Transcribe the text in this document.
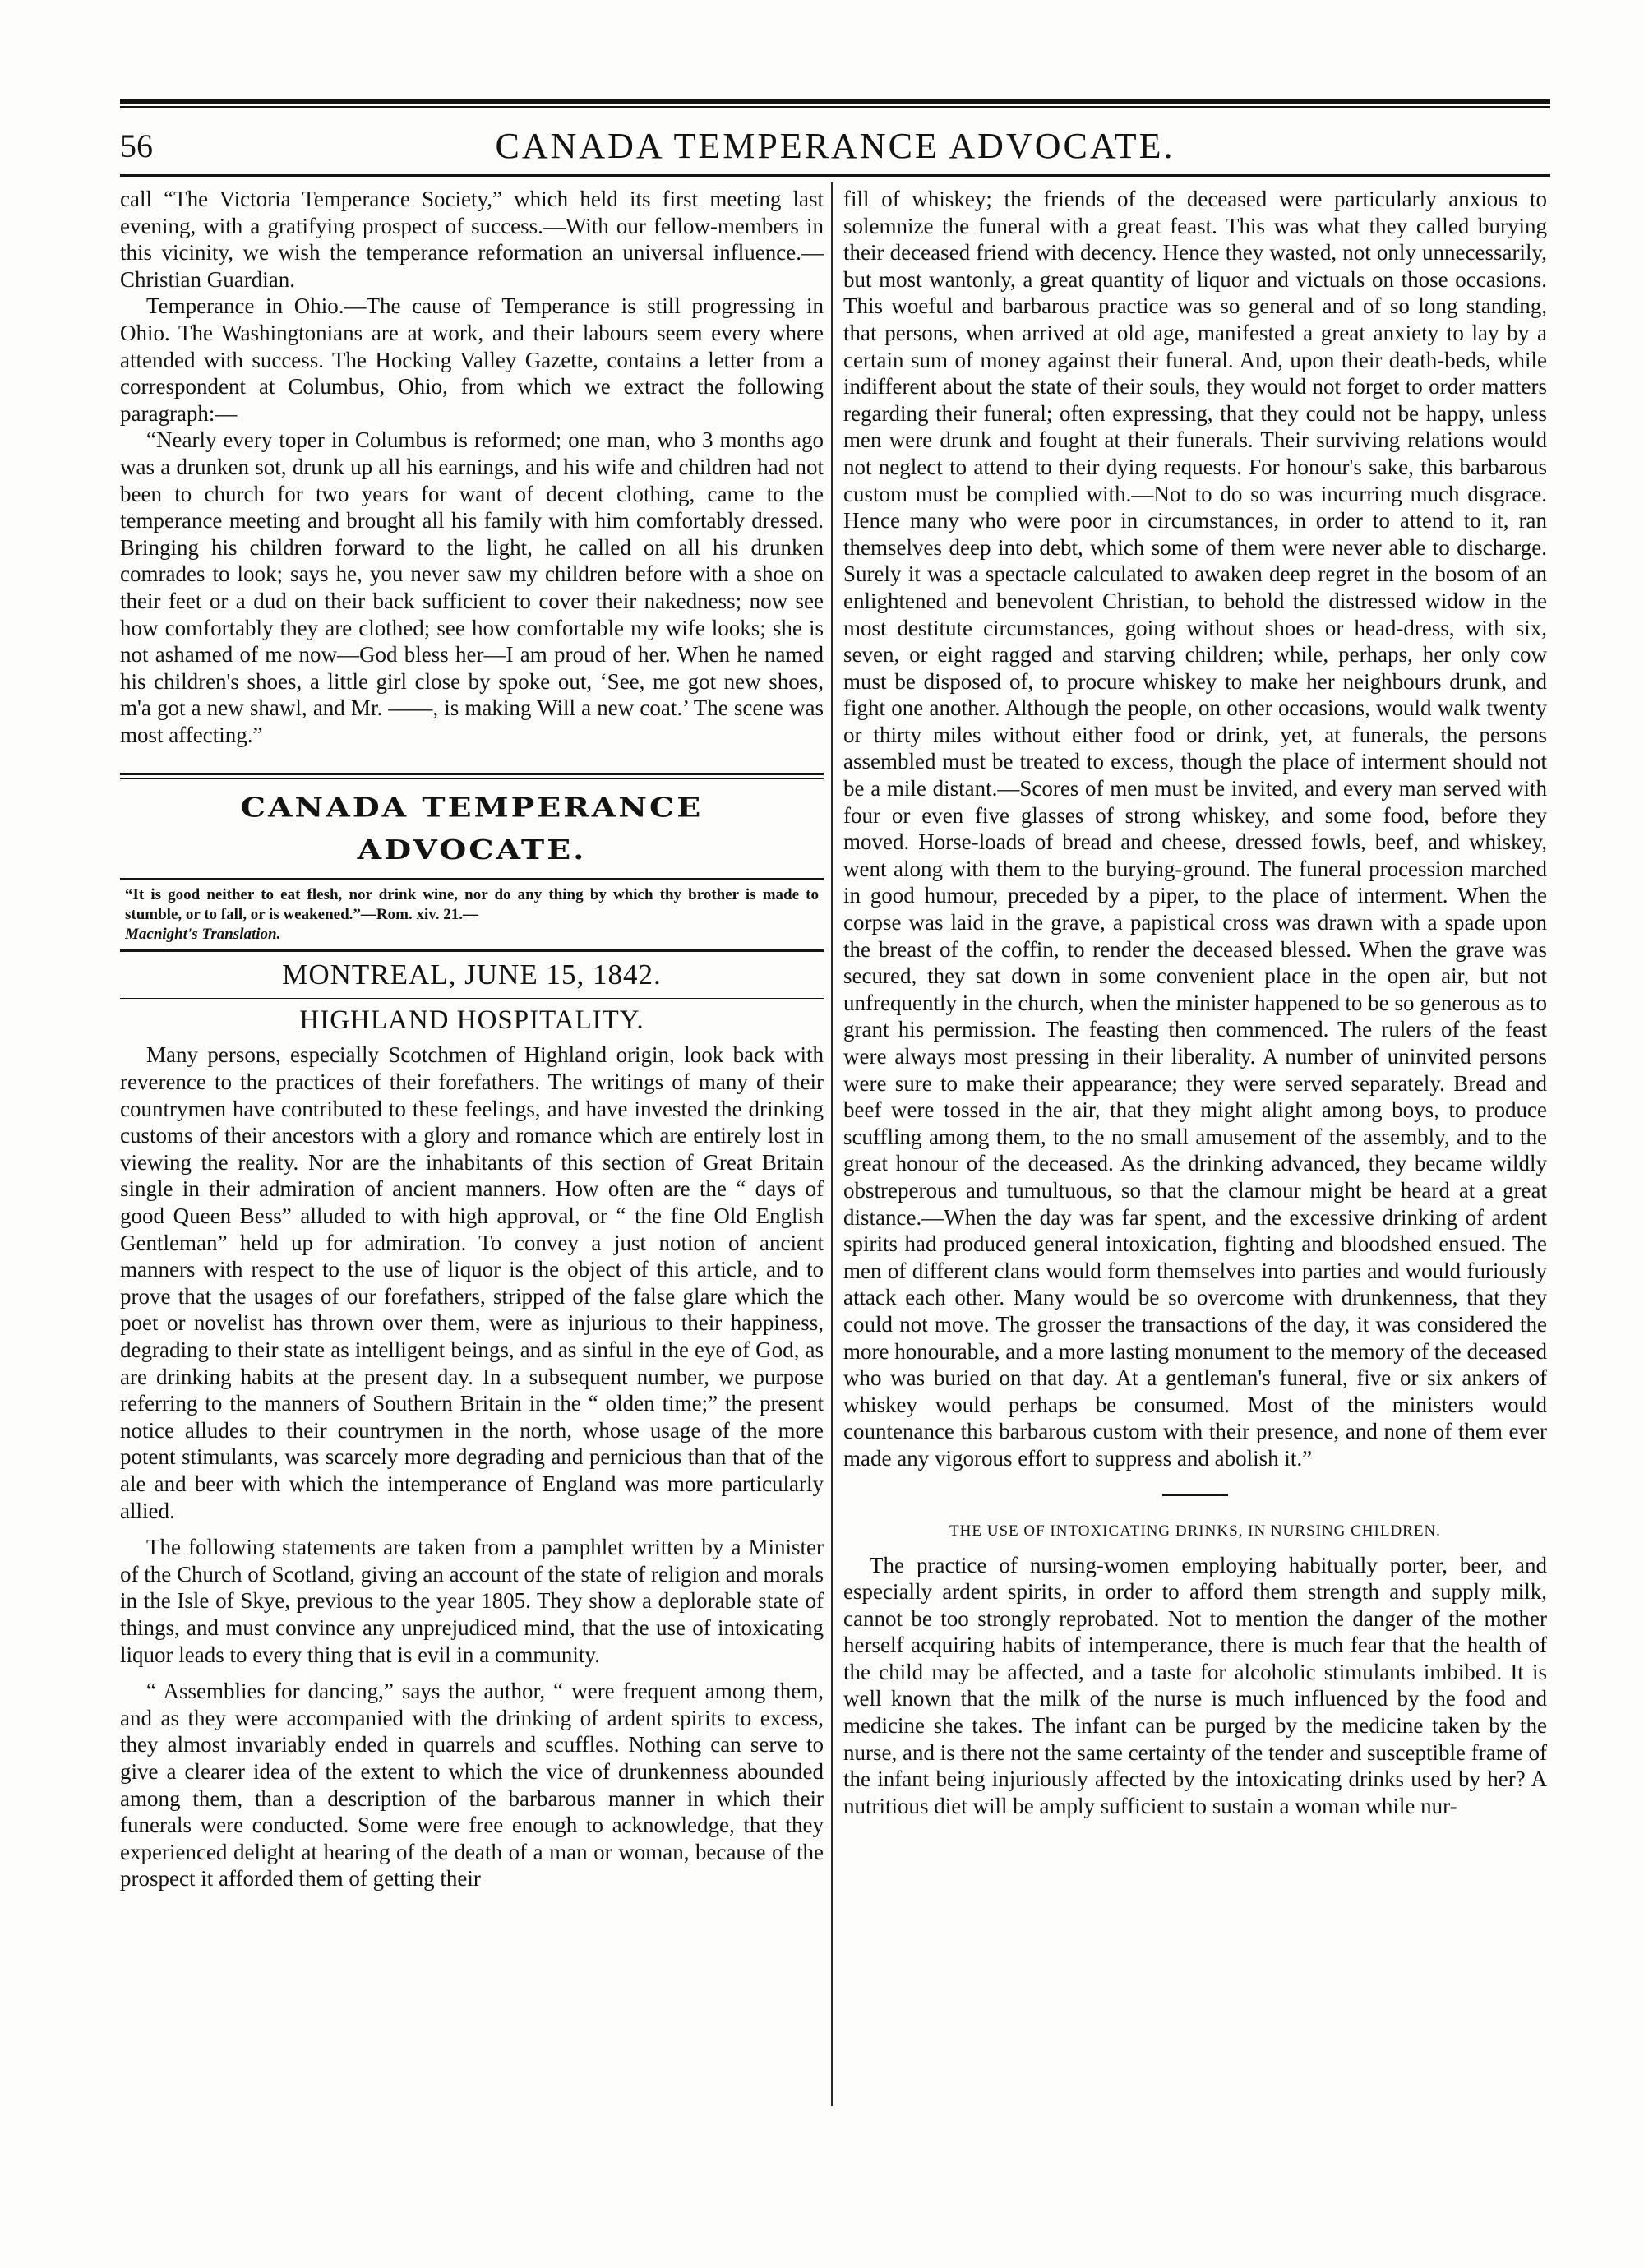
56	CANADA TEMPERANCE ADVOCATE.

call “The Victoria Temperance Society,” which held its first meeting last evening, with a gratifying prospect of success.—With our fellow-members in this vicinity, we wish the temperance reformation an universal influence.—Christian Guardian.

Temperance in Ohio.—The cause of Temperance is still progressing in Ohio. The Washingtonians are at work, and their labours seem every where attended with success. The Hocking Valley Gazette, contains a letter from a correspondent at Columbus, Ohio, from which we extract the following paragraph:—

“Nearly every toper in Columbus is reformed; one man, who 3 months ago was a drunken sot, drunk up all his earnings, and his wife and children had not been to church for two years for want of decent clothing, came to the temperance meeting and brought all his family with him comfortably dressed. Bringing his children forward to the light, he called on all his drunken comrades to look; says he, you never saw my children before with a shoe on their feet or a dud on their back sufficient to cover their nakedness; now see how comfortably they are clothed; see how comfortable my wife looks; she is not ashamed of me now—God bless her—I am proud of her. When he named his children's shoes, a little girl close by spoke out, ‘See, me got new shoes, m'a got a new shawl, and Mr. ——, is making Will a new coat.’ The scene was most affecting.”

CANADA TEMPERANCE ADVOCATE.
“It is good neither to eat flesh, nor drink wine, nor do any thing by which thy brother is made to stumble, or to fall, or is weakened.”—Rom. xiv. 21.—
Macnight's Translation.
MONTREAL, JUNE 15, 1842.
HIGHLAND HOSPITALITY.

Many persons, especially Scotchmen of Highland origin, look back with reverence to the practices of their forefathers. The writings of many of their countrymen have contributed to these feelings, and have invested the drinking customs of their ancestors with a glory and romance which are entirely lost in viewing the reality. Nor are the inhabitants of this section of Great Britain single in their admiration of ancient manners. How often are the “ days of good Queen Bess” alluded to with high approval, or “ the fine Old English Gentleman” held up for admiration. To convey a just notion of ancient manners with respect to the use of liquor is the object of this article, and to prove that the usages of our forefathers, stripped of the false glare which the poet or novelist has thrown over them, were as injurious to their happiness, degrading to their state as intelligent beings, and as sinful in the eye of God, as are drinking habits at the present day. In a subsequent number, we purpose referring to the manners of Southern Britain in the “ olden time;” the present notice alludes to their countrymen in the north, whose usage of the more potent stimulants, was scarcely more degrading and pernicious than that of the ale and beer with which the intemperance of England was more particularly allied.

The following statements are taken from a pamphlet written by a Minister of the Church of Scotland, giving an account of the state of religion and morals in the Isle of Skye, previous to the year 1805. They show a deplorable state of things, and must convince any unprejudiced mind, that the use of intoxicating liquor leads to every thing that is evil in a community.

“ Assemblies for dancing,” says the author, “ were frequent among them, and as they were accompanied with the drinking of ardent spirits to excess, they almost invariably ended in quarrels and scuffles. Nothing can serve to give a clearer idea of the extent to which the vice of drunkenness abounded among them, than a description of the barbarous manner in which their funerals were conducted. Some were free enough to acknowledge, that they experienced delight at hearing of the death of a man or woman, because of the prospect it afforded them of getting their

fill of whiskey; the friends of the deceased were particularly anxious to solemnize the funeral with a great feast. This was what they called burying their deceased friend with decency. Hence they wasted, not only unnecessarily, but most wantonly, a great quantity of liquor and victuals on those occasions. This woeful and barbarous practice was so general and of so long standing, that persons, when arrived at old age, manifested a great anxiety to lay by a certain sum of money against their funeral. And, upon their death-beds, while indifferent about the state of their souls, they would not forget to order matters regarding their funeral; often expressing, that they could not be happy, unless men were drunk and fought at their funerals. Their surviving relations would not neglect to attend to their dying requests. For honour's sake, this barbarous custom must be complied with.—Not to do so was incurring much disgrace. Hence many who were poor in circumstances, in order to attend to it, ran themselves deep into debt, which some of them were never able to discharge. Surely it was a spectacle calculated to awaken deep regret in the bosom of an enlightened and benevolent Christian, to behold the distressed widow in the most destitute circumstances, going without shoes or head-dress, with six, seven, or eight ragged and starving children; while, perhaps, her only cow must be disposed of, to procure whiskey to make her neighbours drunk, and fight one another. Although the people, on other occasions, would walk twenty or thirty miles without either food or drink, yet, at funerals, the persons assembled must be treated to excess, though the place of interment should not be a mile distant.—Scores of men must be invited, and every man served with four or even five glasses of strong whiskey, and some food, before they moved. Horse-loads of bread and cheese, dressed fowls, beef, and whiskey, went along with them to the burying-ground. The funeral procession marched in good humour, preceded by a piper, to the place of interment. When the corpse was laid in the grave, a papistical cross was drawn with a spade upon the breast of the coffin, to render the deceased blessed. When the grave was secured, they sat down in some convenient place in the open air, but not unfrequently in the church, when the minister happened to be so generous as to grant his permission. The feasting then commenced. The rulers of the feast were always most pressing in their liberality. A number of uninvited persons were sure to make their appearance; they were served separately. Bread and beef were tossed in the air, that they might alight among boys, to produce scuffling among them, to the no small amusement of the assembly, and to the great honour of the deceased. As the drinking advanced, they became wildly obstreperous and tumultuous, so that the clamour might be heard at a great distance.—When the day was far spent, and the excessive drinking of ardent spirits had produced general intoxication, fighting and bloodshed ensued. The men of different clans would form themselves into parties and would furiously attack each other. Many would be so overcome with drunkenness, that they could not move. The grosser the transactions of the day, it was considered the more honourable, and a more lasting monument to the memory of the deceased who was buried on that day. At a gentleman's funeral, five or six ankers of whiskey would perhaps be consumed. Most of the ministers would countenance this barbarous custom with their presence, and none of them ever made any vigorous effort to suppress and abolish it.”

THE USE OF INTOXICATING DRINKS, IN NURSING CHILDREN.

The practice of nursing-women employing habitually porter, beer, and especially ardent spirits, in order to afford them strength and supply milk, cannot be too strongly reprobated. Not to mention the danger of the mother herself acquiring habits of intemperance, there is much fear that the health of the child may be affected, and a taste for alcoholic stimulants imbibed. It is well known that the milk of the nurse is much influenced by the food and medicine she takes. The infant can be purged by the medicine taken by the nurse, and is there not the same certainty of the tender and susceptible frame of the infant being injuriously affected by the intoxicating drinks used by her? A nutritious diet will be amply sufficient to sustain a woman while nur-
